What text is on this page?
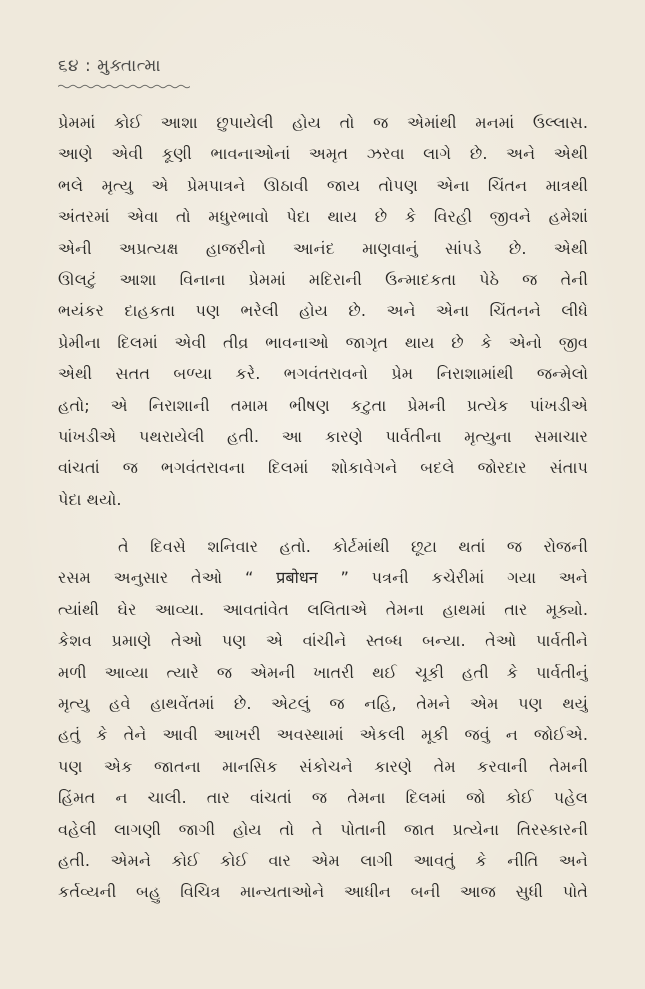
૬૪ : મુક્તાત્મા
પ્રેમમાં કોઈ આશા છુપાયેલી હોય તો જ એમાંથી મનમાં ઉલ્લાસ.
આણે એવી કૂણી ભાવનાઓનાં અમૃત ઝરવા લાગે છે. અને એથી
ભલે મૃત્યુ એ પ્રેમપાત્રને ઊઠાવી જાય તોપણ એના ચિંતન માત્રથી
અંતરમાં એવા તો મધુરભાવો પેદા થાય છે કે વિરહી જીવને હમેશાં
એની અપ્રત્યક્ષ હાજરીનો આનંદ માણવાનું સાંપડે છે. એથી
ઊલટું આશા વિનાના પ્રેમમાં મદિરાની ઉન્માદકતા પેઠે જ તેની
ભયંકર દાહકતા પણ ભરેલી હોય છે. અને એના ચિંતનને લીધે
પ્રેમીના દિલમાં એવી તીવ્ર ભાવનાઓ જાગૃત થાય છે કે એનો જીવ
એથી સતત બળ્યા કરે. ભગવંતરાવનો પ્રેમ નિરાશામાંથી જન્મેલો
હતો; એ નિરાશાની તમામ ભીષણ કટુતા પ્રેમની પ્રત્યેક પાંખડીએ
પાંખડીએ પથરાયેલી હતી. આ કારણે પાર્વતીના મૃત્યુના સમાચાર
વાંચતાં જ ભગવંતરાવના દિલમાં શોકાવેગને બદલે જોરદાર સંતાપ
પેદા થયો.
તે દિવસે શનિવાર હતો. કોર્ટમાંથી છૂટા થતાં જ રોજની
રસમ અનુસાર તેઓ “ प्रबोधन ” પત્રની કચેરીમાં ગયા અને
ત્યાંથી ઘેર આવ્યા. આવતાંવેત લલિતાએ તેમના હાથમાં તાર મૂક્યો.
કેશવ પ્રમાણે તેઓ પણ એ વાંચીને સ્તબ્ધ બન્યા. તેઓ પાર્વતીને
મળી આવ્યા ત્યારે જ એમની ખાતરી થઈ ચૂકી હતી કે પાર્વતીનું
મૃત્યુ હવે હાથવેંતમાં છે. એટલું જ નહિ, તેમને એમ પણ થયું
હતું કે તેને આવી આખરી અવસ્થામાં એકલી મૂકી જવું ન જોઈએ.
પણ એક જાતના માનસિક સંકોચને કારણે તેમ કરવાની તેમની
હિંમત ન ચાલી. તાર વાંચતાં જ તેમના દિલમાં જો કોઈ પહેલ
વહેલી લાગણી જાગી હોય તો તે પોતાની જાત પ્રત્યેના તિરસ્કારની
હતી. એમને કોઈ કોઈ વાર એમ લાગી આવતું કે નીતિ અને
કર્તવ્યની બહુ વિચિત્ર માન્યતાઓને આધીન બની આજ સુધી પોતે
